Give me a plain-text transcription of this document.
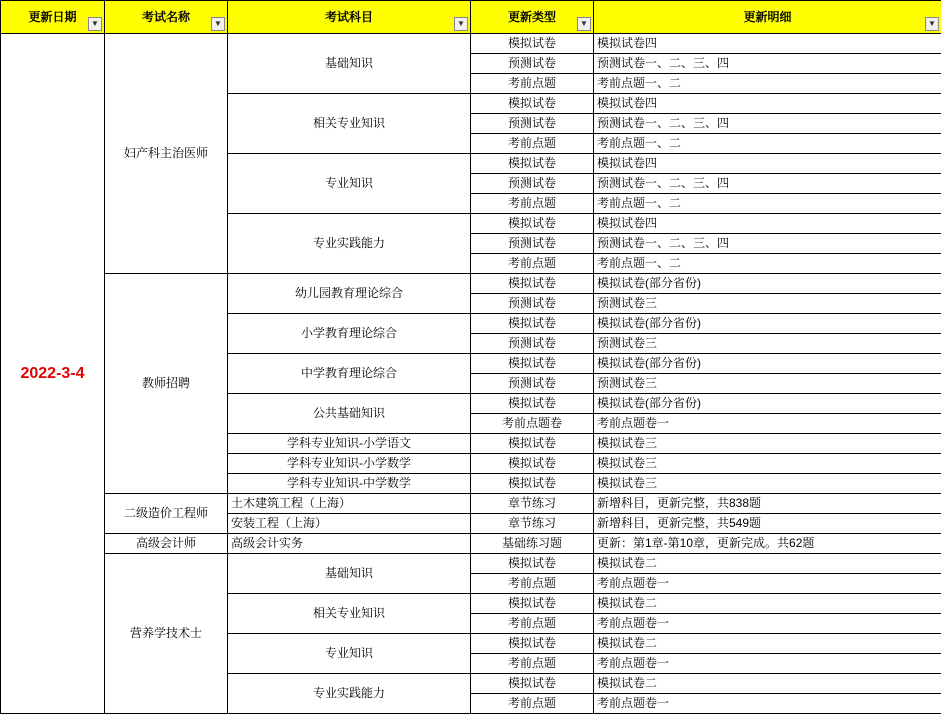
更新日期 ▼	考试名称 ▼	考试科目 ▼	更新类型 ▼	更新明细 ▼

2022-3-4	妇产科主治医师	基础知识	模拟试卷	模拟试卷四
			预测试卷	预测试卷一、二、三、四
			考前点题	考前点题一、二
		相关专业知识	模拟试卷	模拟试卷四
			预测试卷	预测试卷一、二、三、四
			考前点题	考前点题一、二
		专业知识	模拟试卷	模拟试卷四
			预测试卷	预测试卷一、二、三、四
			考前点题	考前点题一、二
		专业实践能力	模拟试卷	模拟试卷四
			预测试卷	预测试卷一、二、三、四
			考前点题	考前点题一、二
	教师招聘	幼儿园教育理论综合	模拟试卷	模拟试卷(部分省份)
			预测试卷	预测试卷三
		小学教育理论综合	模拟试卷	模拟试卷(部分省份)
			预测试卷	预测试卷三
		中学教育理论综合	模拟试卷	模拟试卷(部分省份)
			预测试卷	预测试卷三
		公共基础知识	模拟试卷	模拟试卷(部分省份)
			考前点题卷	考前点题卷一
		学科专业知识-小学语文	模拟试卷	模拟试卷三
		学科专业知识-小学数学	模拟试卷	模拟试卷三
		学科专业知识-中学数学	模拟试卷	模拟试卷三
	二级造价工程师	土木建筑工程（上海）	章节练习	新增科目，更新完整，共838题
		安装工程（上海）	章节练习	新增科目，更新完整，共549题
	高级会计师	高级会计实务	基础练习题	更新：第1章-第10章，更新完成。共62题
	营养学技术士	基础知识	模拟试卷	模拟试卷二
			考前点题	考前点题卷一
		相关专业知识	模拟试卷	模拟试卷二
			考前点题	考前点题卷一
		专业知识	模拟试卷	模拟试卷二
			考前点题	考前点题卷一
		专业实践能力	模拟试卷	模拟试卷二
			考前点题	考前点题卷一
